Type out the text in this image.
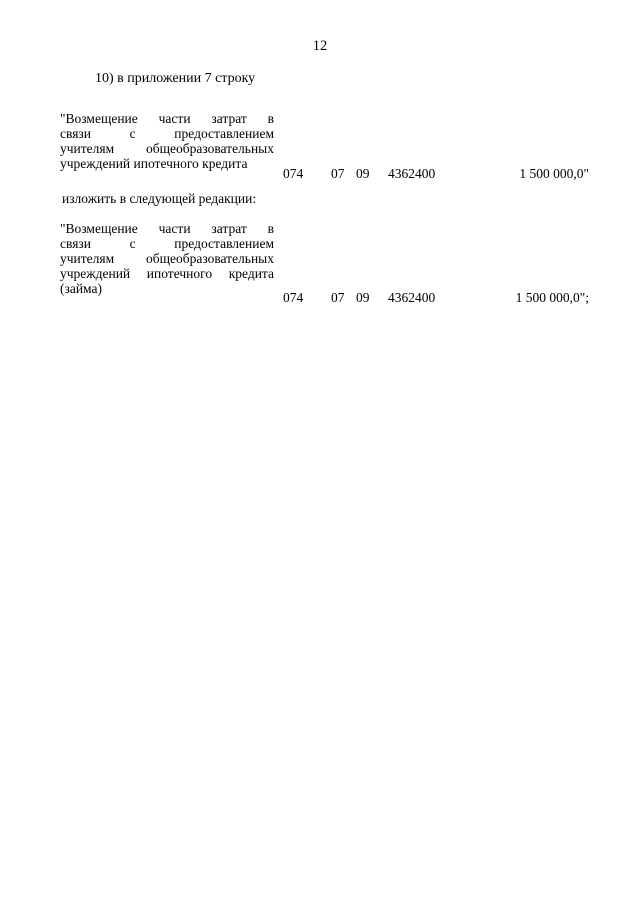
12
10) в приложении 7 строку
"Возмещение части затрат в
связи с предоставлением
учителям общеобразовательных
учреждений ипотечного кредита
074 07 09 4362400	1 500 000,0"
изложить в следующей редакции:
"Возмещение части затрат в
связи с предоставлением
учителям общеобразовательных
учреждений ипотечного кредита
(займа)
074 07 09 4362400	1 500 000,0";
